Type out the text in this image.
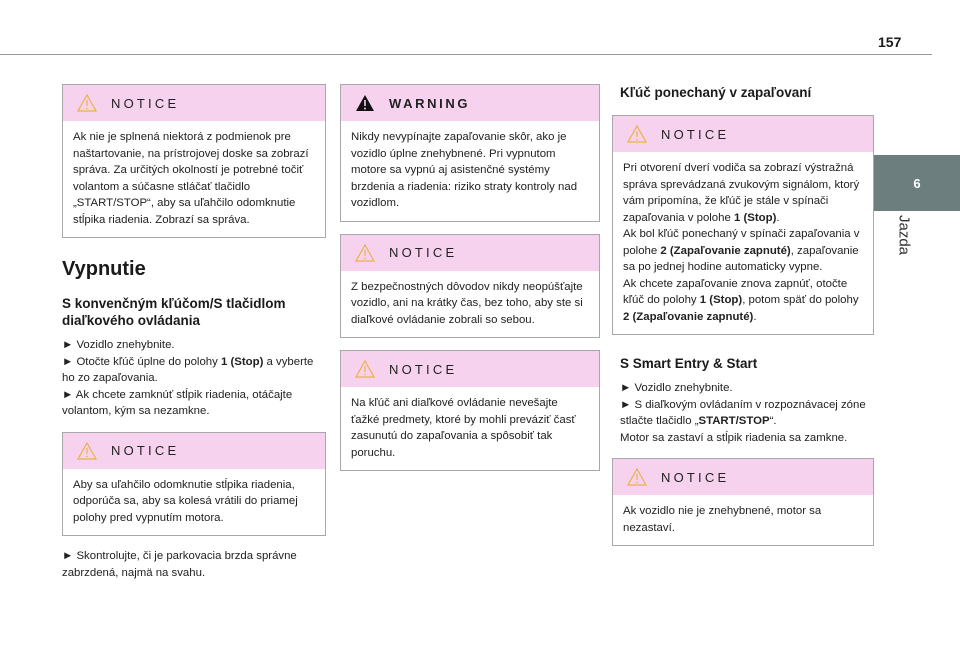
157
6
Jazda
NOTICE

Ak nie je splnená niektorá z podmienok pre naštartovanie, na prístrojovej doske sa zobrazí správa. Za určitých okolností je potrebné točiť volantom a súčasne stláčať tlačidlo „START/STOP“, aby sa uľahčilo odomknutie stĺpika riadenia. Zobrazí sa správa.

Vypnutie
S konvenčným kľúčom/S tlačidlom diaľkového ovládania

► Vozidlo znehybnite.
► Otočte kľúč úplne do polohy 1 (Stop) a vyberte ho zo zapaľovania.
► Ak chcete zamknúť stĺpik riadenia, otáčajte volantom, kým sa nezamkne.

NOTICE

Aby sa uľahčilo odomknutie stĺpika riadenia, odporúča sa, aby sa kolesá vrátili do priamej polohy pred vypnutím motora.

► Skontrolujte, či je parkovacia brzda správne zabrzdená, najmä na svahu.

WARNING

Nikdy nevypínajte zapaľovanie skôr, ako je vozidlo úplne znehybnené. Pri vypnutom motore sa vypnú aj asistenčné systémy brzdenia a riadenia: riziko straty kontroly nad vozidlom.

NOTICE

Z bezpečnostných dôvodov nikdy neopúšťajte vozidlo, ani na krátky čas, bez toho, aby ste si diaľkové ovládanie zobrali so sebou.

NOTICE

Na kľúč ani diaľkové ovládanie nevešajte ťažké predmety, ktoré by mohli preváziť časť zasunutú do zapaľovania a spôsobiť tak poruchu.

Kľúč ponechaný v zapaľovaní
NOTICE

Pri otvorení dverí vodiča sa zobrazí výstražná správa sprevádzaná zvukovým signálom, ktorý vám pripomína, že kľúč je stále v spínači zapaľovania v polohe 1 (Stop).

Ak bol kľúč ponechaný v spínači zapaľovania v polohe 2 (Zapaľovanie zapnuté), zapaľovanie sa po jednej hodine automaticky vypne.

Ak chcete zapaľovanie znova zapnúť, otočte kľúč do polohy 1 (Stop), potom späť do polohy 2 (Zapaľovanie zapnuté).

S Smart Entry & Start

► Vozidlo znehybnite.
► S diaľkovým ovládaním v rozpoznávacej zóne stlačte tlačidlo „START/STOP“.
Motor sa zastaví a stĺpik riadenia sa zamkne.

NOTICE

Ak vozidlo nie je znehybnené, motor sa nezastaví.
